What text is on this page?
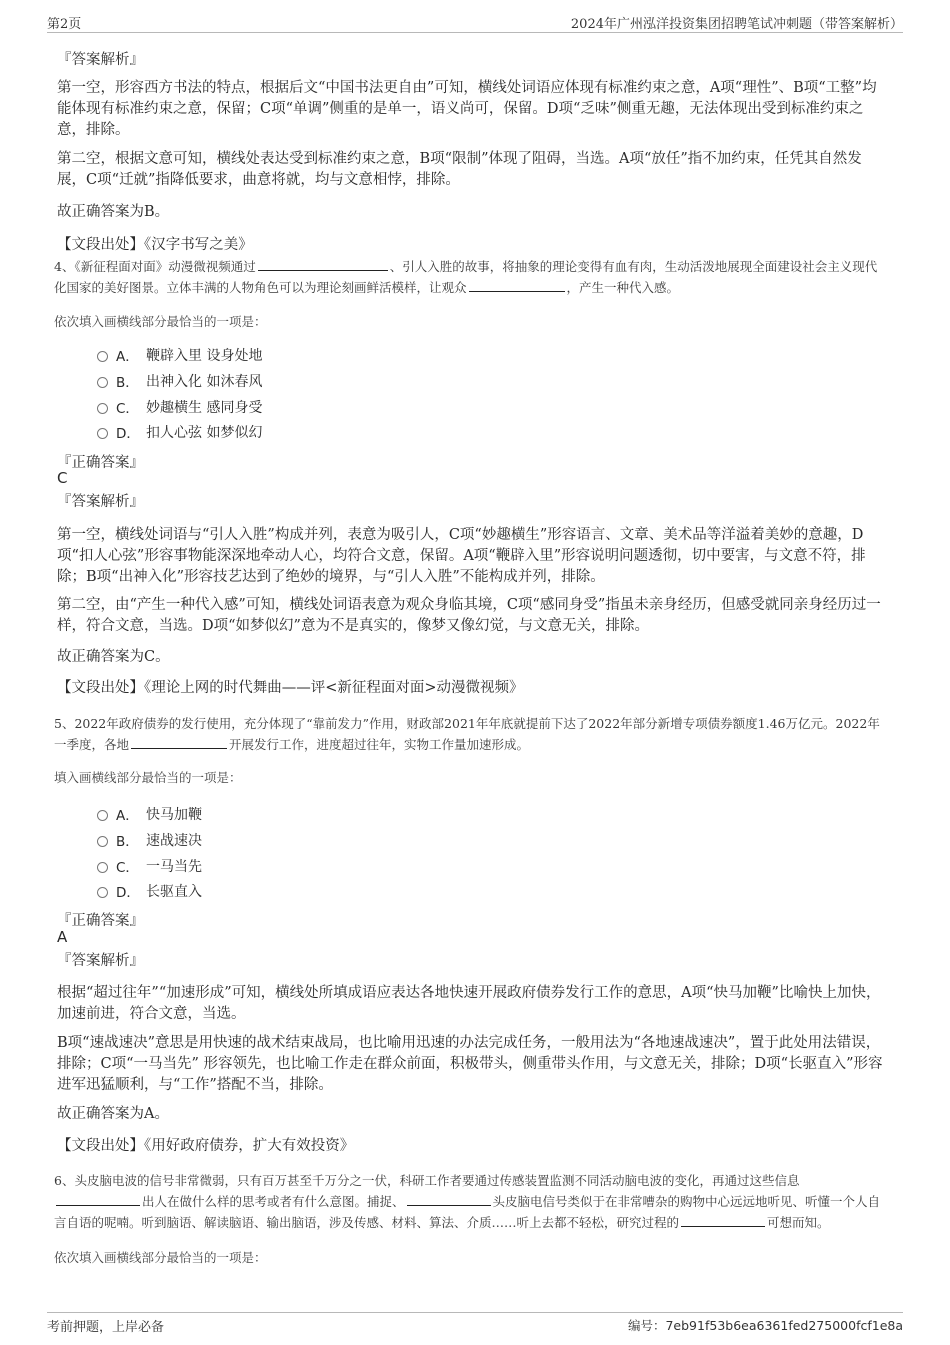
第2页	2024年广州泓洋投资集团招聘笔试冲刺题（带答案解析）
『答案解析』
第一空，形容西方书法的特点，根据后文“中国书法更自由”可知，横线处词语应体现有标准约束之意，A项“理性”、B项“工整”均能体现有标准约束之意，保留；C项“单调”侧重的是单一，语义尚可，保留。D项“乏味”侧重无趣，无法体现出受到标准约束之意，排除。
第二空，根据文意可知，横线处表达受到标准约束之意，B项“限制”体现了阻碍，当选。A项“放任”指不加约束，任凭其自然发展，C项“迁就”指降低要求，曲意将就，均与文意相悖，排除。
故正确答案为B。
【文段出处】《汉字书写之美》
4、《新征程面对面》动漫微视频通过	、引人入胜的故事，将抽象的理论变得有血有肉，生动活泼地展现全面建设社会主义现代化国家的美好图景。立体丰满的人物角色可以为理论刻画鲜活模样，让观众	，产生一种代入感。
依次填入画横线部分最恰当的一项是：
A． 鞭辟入里 设身处地
B． 出神入化 如沐春风
C． 妙趣横生 感同身受
D． 扣人心弦 如梦似幻
『正确答案』
C
『答案解析』
第一空，横线处词语与“引人入胜”构成并列，表意为吸引人，C项“妙趣横生”形容语言、文章、美术品等洋溢着美妙的意趣，D项“扣人心弦”形容事物能深深地牵动人心，均符合文意，保留。A项“鞭辟入里”形容说明问题透彻，切中要害，与文意不符，排除；B项“出神入化”形容技艺达到了绝妙的境界，与“引人入胜”不能构成并列，排除。
第二空，由“产生一种代入感”可知，横线处词语表意为观众身临其境，C项“感同身受”指虽未亲身经历，但感受就同亲身经历过一样，符合文意，当选。D项“如梦似幻”意为不是真实的，像梦又像幻觉，与文意无关，排除。
故正确答案为C。
【文段出处】《理论上网的时代舞曲——评<新征程面对面>动漫微视频》
5、2022年政府债券的发行使用，充分体现了“靠前发力”作用，财政部2021年年底就提前下达了2022年部分新增专项债券额度1.46万亿元。2022年一季度，各地	开展发行工作，进度超过往年，实物工作量加速形成。
填入画横线部分最恰当的一项是：
A． 快马加鞭
B． 速战速决
C． 一马当先
D． 长驱直入
『正确答案』
A
『答案解析』
根据“超过往年”“加速形成”可知，横线处所填成语应表达各地快速开展政府债券发行工作的意思，A项“快马加鞭”比喻快上加快，加速前进，符合文意，当选。
B项“速战速决”意思是用快速的战术结束战局，也比喻用迅速的办法完成任务，一般用法为“各地速战速决”，置于此处用法错误，排除；C项“一马当先” 形容领先，也比喻工作走在群众前面，积极带头，侧重带头作用，与文意无关，排除；D项“长驱直入”形容进军迅猛顺利，与“工作”搭配不当，排除。
故正确答案为A。
【文段出处】《用好政府债券，扩大有效投资》
6、头皮脑电波的信号非常微弱，只有百万甚至千万分之一伏，科研工作者要通过传感装置监测不同活动脑电波的变化，再通过这些信息出人在做什么样的思考或者有什么意图。捕捉、	头皮脑电信号类似于在非常嘈杂的购物中心远远地听见、听懂一个人自言自语的呢喃。听到脑语、解读脑语、输出脑语，涉及传感、材料、算法、介质……听上去都不轻松，研究过程的	可想而知。
依次填入画横线部分最恰当的一项是：
考前押题，上岸必备	编号：7eb91f53b6ea6361fed275000fcf1e8a
